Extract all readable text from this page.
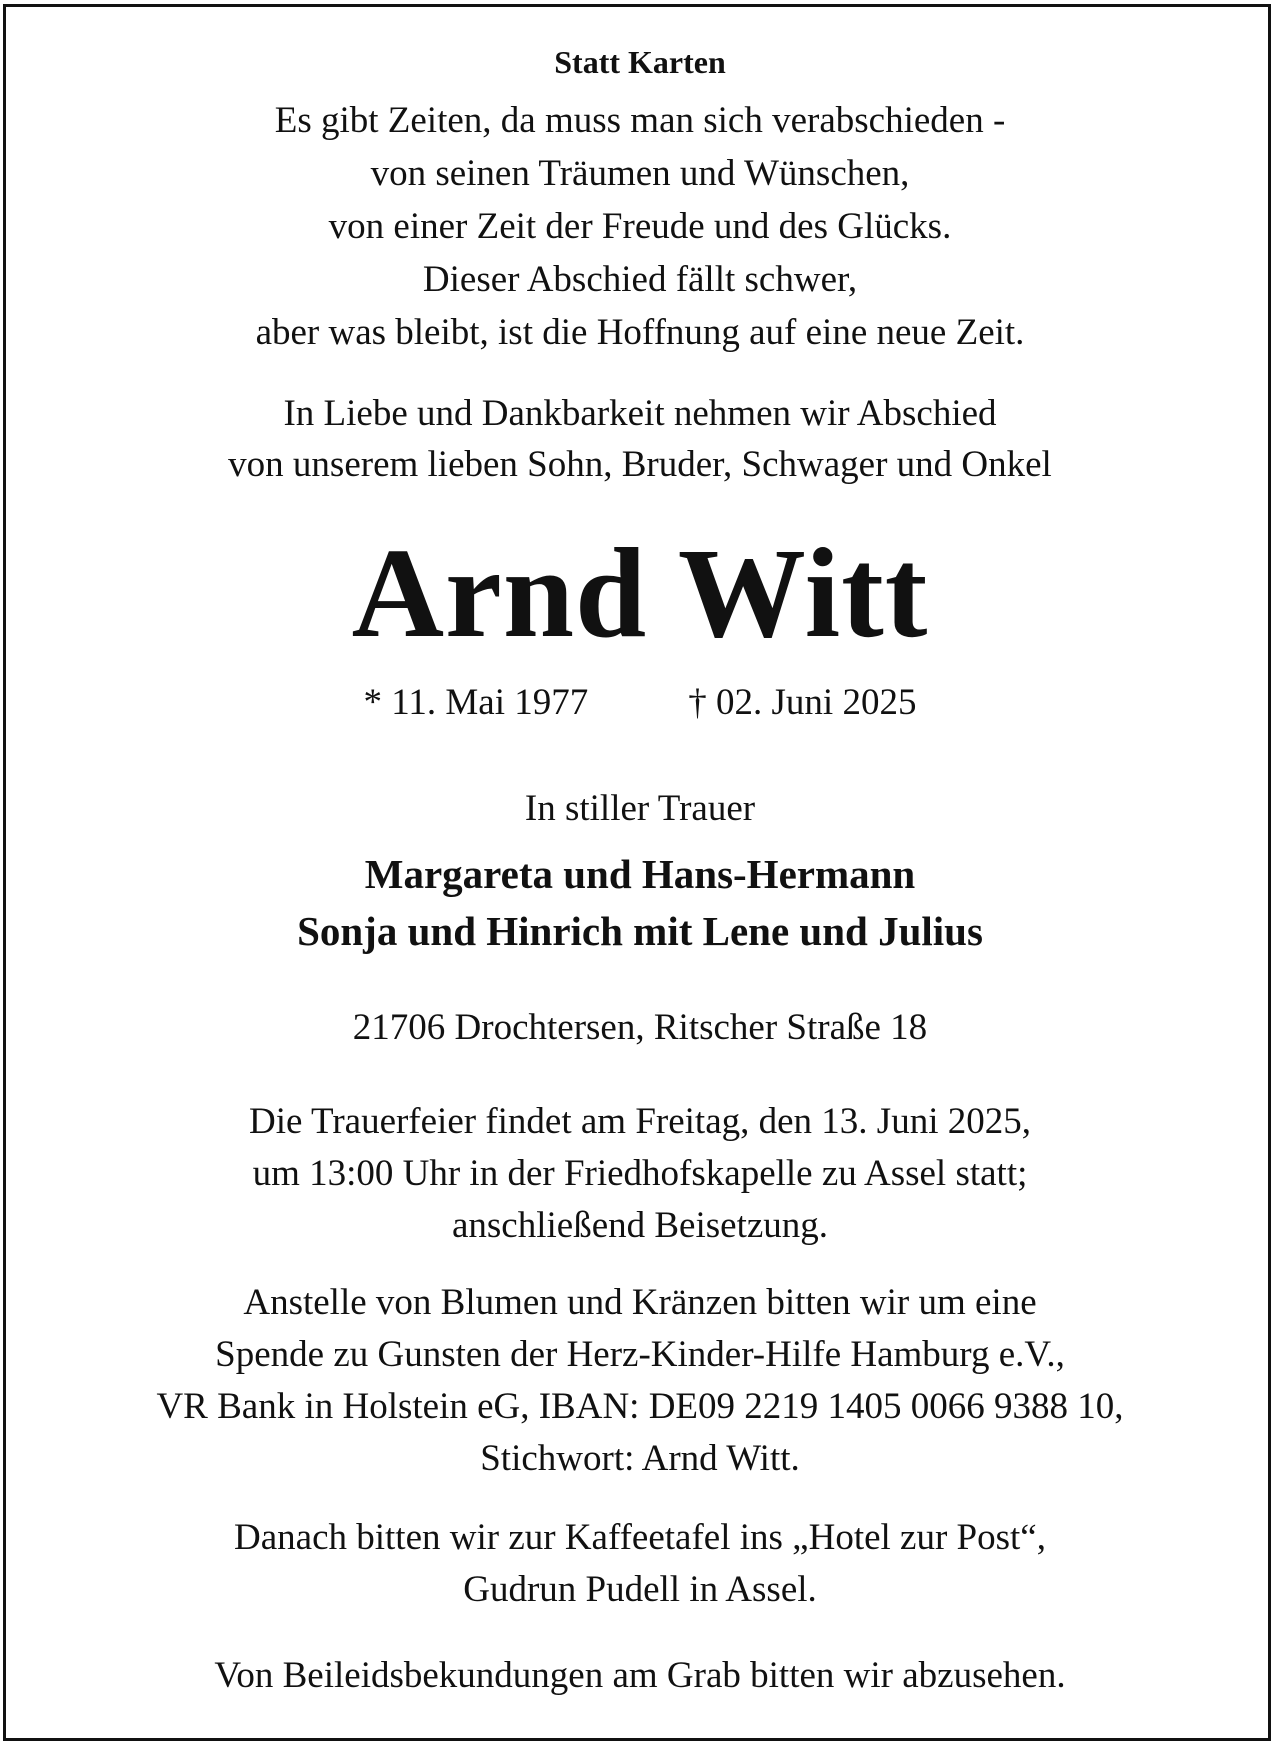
Statt Karten
Es gibt Zeiten, da muss man sich verabschieden -
von seinen Träumen und Wünschen,
von einer Zeit der Freude und des Glücks.
Dieser Abschied fällt schwer,
aber was bleibt, ist die Hoffnung auf eine neue Zeit.
In Liebe und Dankbarkeit nehmen wir Abschied
von unserem lieben Sohn, Bruder, Schwager und Onkel
Arnd Witt
* 11. Mai 1977	† 02. Juni 2025
In stiller Trauer
Margareta und Hans-Hermann
Sonja und Hinrich mit Lene und Julius
21706 Drochtersen, Ritscher Straße 18
Die Trauerfeier findet am Freitag, den 13. Juni 2025,
um 13:00 Uhr in der Friedhofskapelle zu Assel statt;
anschließend Beisetzung.
Anstelle von Blumen und Kränzen bitten wir um eine
Spende zu Gunsten der Herz-Kinder-Hilfe Hamburg e.V.,
VR Bank in Holstein eG, IBAN: DE09 2219 1405 0066 9388 10,
Stichwort: Arnd Witt.
Danach bitten wir zur Kaffeetafel ins „Hotel zur Post“,
Gudrun Pudell in Assel.
Von Beileidsbekundungen am Grab bitten wir abzusehen.
